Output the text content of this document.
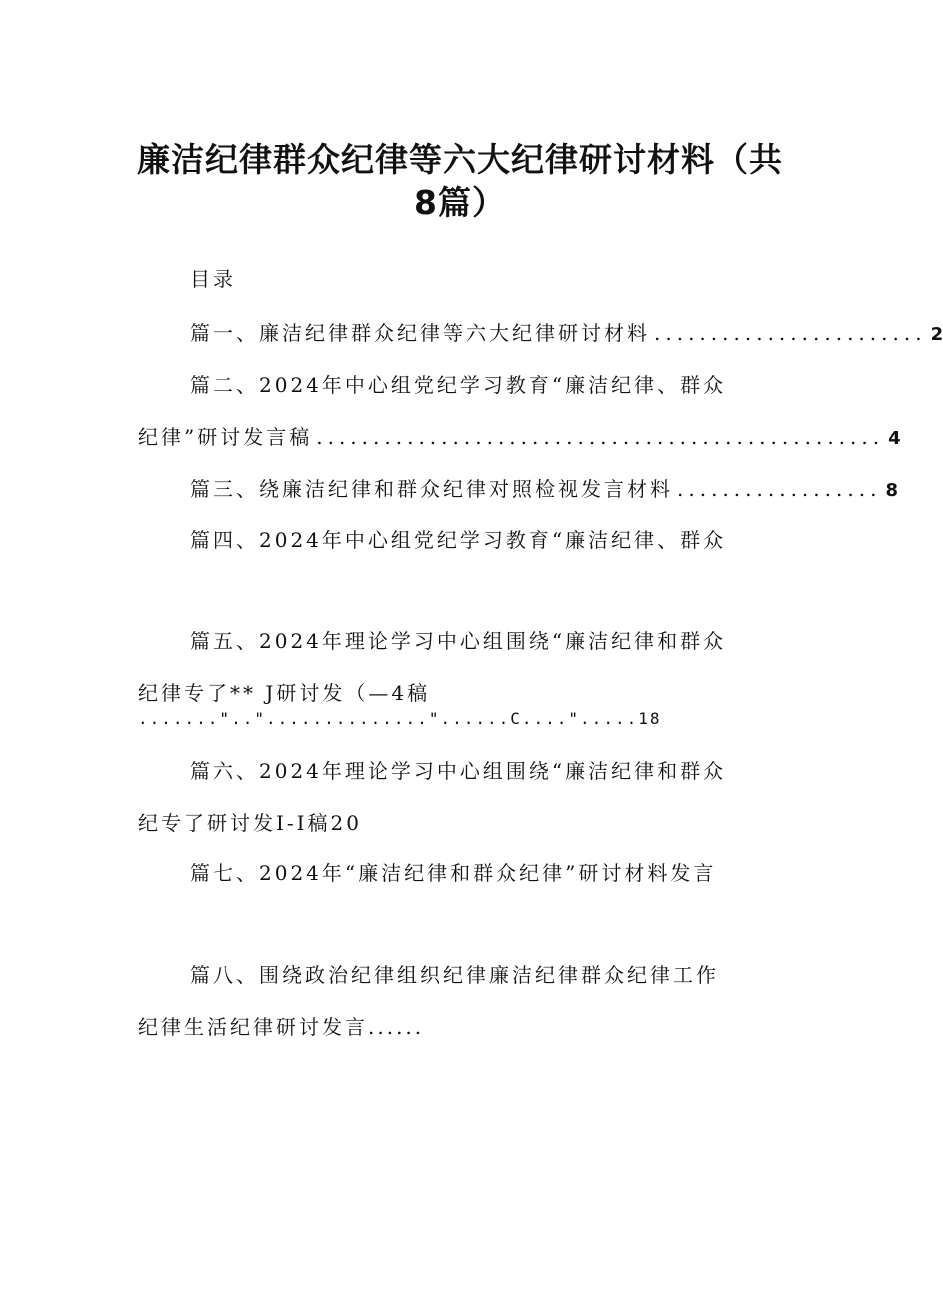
廉洁纪律群众纪律等六大纪律研讨材料（共
8篇）
目录
篇一、廉洁纪律群众纪律等六大纪律研讨材料 ........................ 2
篇二、2024年中心组党纪学习教育“廉洁纪律、群众
纪律”研讨发言稿 .................................................. 4
篇三、绕廉洁纪律和群众纪律对照检视发言材料 .................. 8
篇四、2024年中心组党纪学习教育“廉洁纪律、群众
篇五、2024年理论学习中心组围绕“廉洁纪律和群众
纪律专了** J研讨发（—4稿
......."..".............."......C....".....18
篇六、2024年理论学习中心组围绕“廉洁纪律和群众
纪专了研讨发I-I稿20
篇七、2024年“廉洁纪律和群众纪律”研讨材料发言
篇八、围绕政治纪律组织纪律廉洁纪律群众纪律工作
纪律生活纪律研讨发言......
